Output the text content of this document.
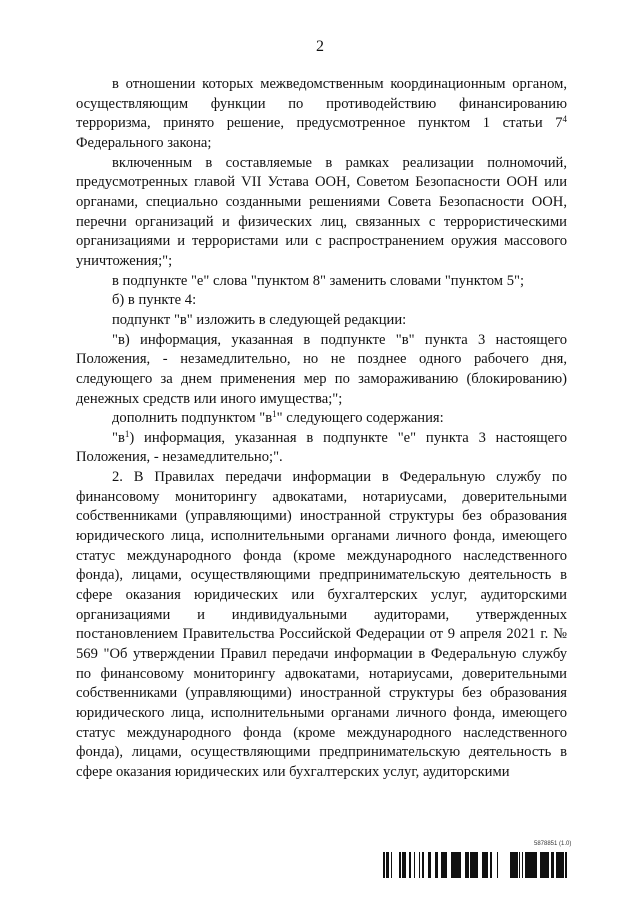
2

в отношении которых межведомственным координационным органом, осуществляющим функции по противодействию финансированию терроризма, принято решение, предусмотренное пунктом 1 статьи $7^4$ Федерального закона;

включенным в составляемые в рамках реализации полномочий, предусмотренных главой VII Устава ООН, Советом Безопасности ООН или органами, специально созданными решениями Совета Безопасности ООН, перечни организаций и физических лиц, связанных с террористическими организациями и террористами или с распространением оружия массового уничтожения;";

в подпункте "е" слова "пунктом 8" заменить словами "пунктом 5";

б) в пункте 4:

подпункт "в" изложить в следующей редакции:

"в) информация, указанная в подпункте "в" пункта 3 настоящего Положения, - незамедлительно, но не позднее одного рабочего дня, следующего за днем применения мер по замораживанию (блокированию) денежных средств или иного имущества;";

дополнить подпунктом "$в^1$" следующего содержания:

"$в^1$) информация, указанная в подпункте "е" пункта 3 настоящего Положения, - незамедлительно;".

2. В Правилах передачи информации в Федеральную службу по финансовому мониторингу адвокатами, нотариусами, доверительными собственниками (управляющими) иностранной структуры без образования юридического лица, исполнительными органами личного фонда, имеющего статус международного фонда (кроме международного наследственного фонда), лицами, осуществляющими предпринимательскую деятельность в сфере оказания юридических или бухгалтерских услуг, аудиторскими организациями и индивидуальными аудиторами, утвержденных постановлением Правительства Российской Федерации от 9 апреля 2021 г. № 569 "Об утверждении Правил передачи информации в Федеральную службу по финансовому мониторингу адвокатами, нотариусами, доверительными собственниками (управляющими) иностранной структуры без образования юридического лица, исполнительными органами личного фонда, имеющего статус международного фонда (кроме международного наследственного фонда), лицами, осуществляющими предпринимательскую деятельность в сфере оказания юридических или бухгалтерских услуг, аудиторскими

5878851 (1.0)
